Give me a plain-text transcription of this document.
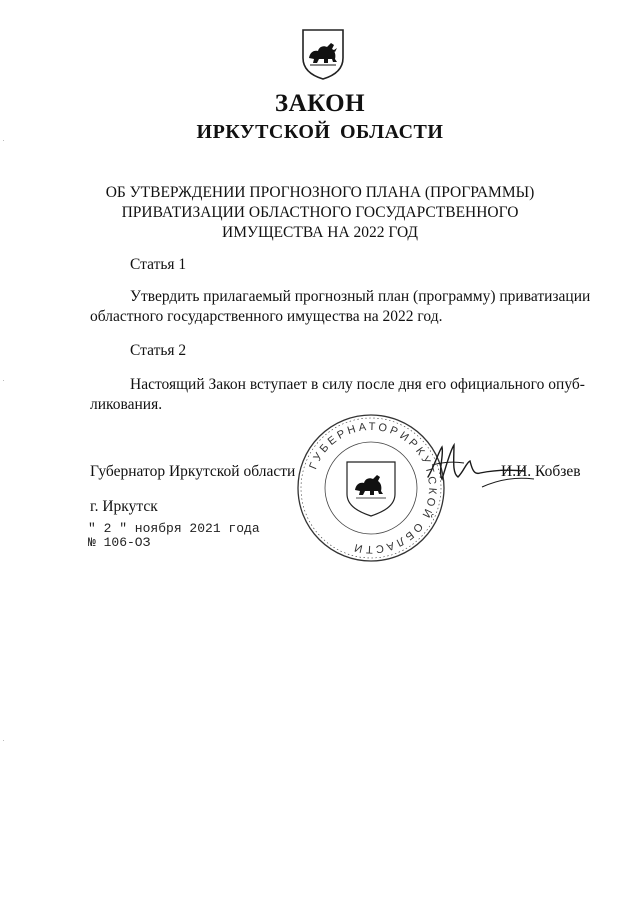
ЗАКОН
ИРКУТСКОЙ ОБЛАСТИ
ОБ УТВЕРЖДЕНИИ ПРОГНОЗНОГО ПЛАНА (ПРОГРАММЫ)
ПРИВАТИЗАЦИИ ОБЛАСТНОГО ГОСУДАРСТВЕННОГО
ИМУЩЕСТВА НА 2022 ГОД
Статья 1
Утвердить прилагаемый прогнозный план (программу) приватизации
областного государственного имущества на 2022 год.
Статья 2
Настоящий Закон вступает в силу после дня его официального опуб-
ликования.
Губернатор Иркутской области ГУБЕРНАТОР
ИРКУТСКОЙ
ОБЛАСТИ
И.И. Кобзев
г. Иркутск
" 2 " ноября 2021 года
№ 106-ОЗ
